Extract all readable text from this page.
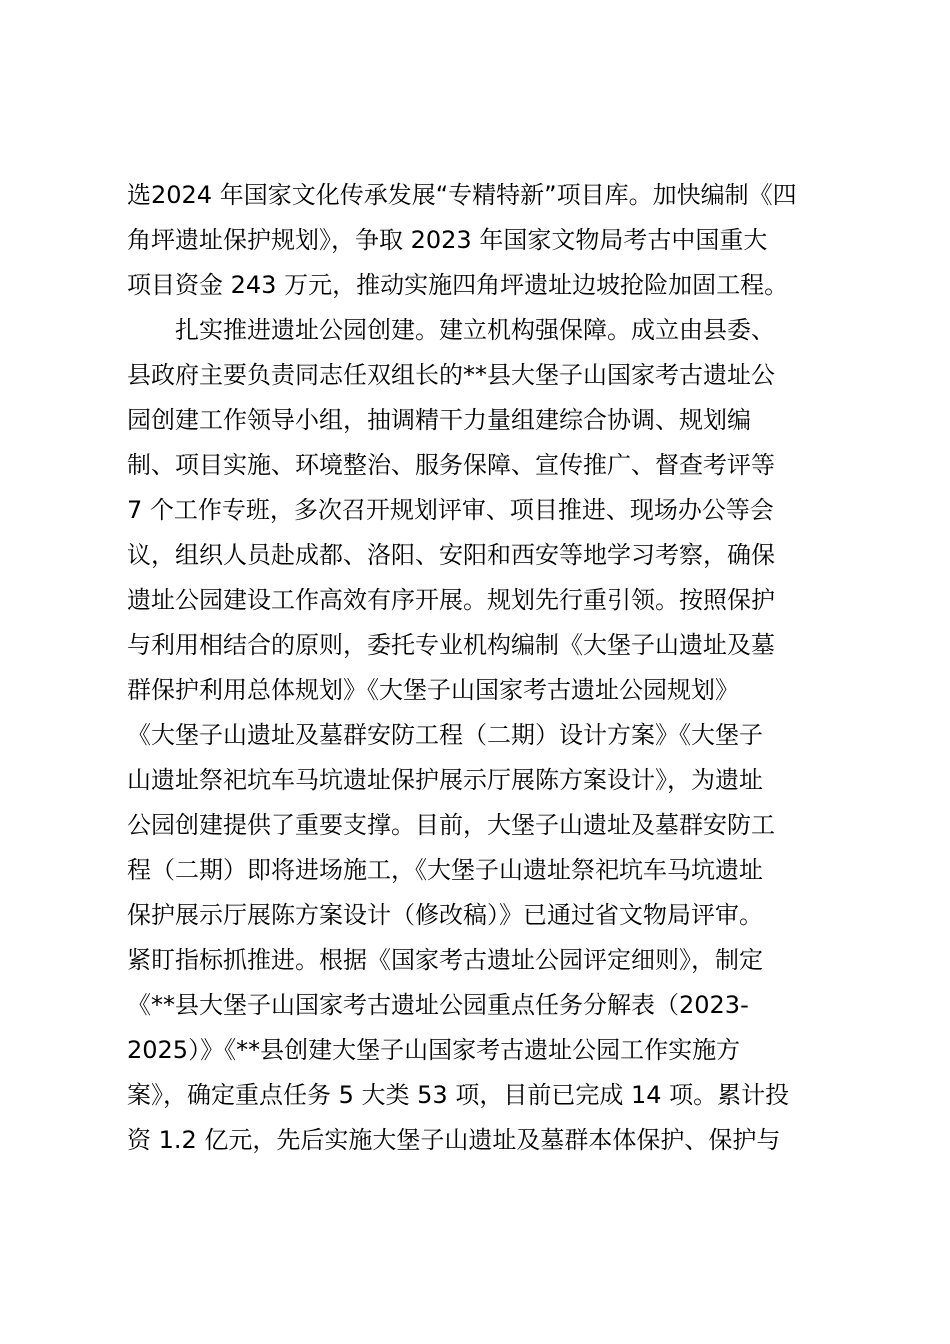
选2024 年国家文化传承发展“专精特新”项目库。加快编制《四
角坪遗址保护规划》，争取 2023 年国家文物局考古中国重大
项目资金 243 万元，推动实施四角坪遗址边坡抢险加固工程。
扎实推进遗址公园创建。建立机构强保障。成立由县委、
县政府主要负责同志任双组长的**县大堡子山国家考古遗址公
园创建工作领导小组，抽调精干力量组建综合协调、规划编
制、项目实施、环境整治、服务保障、宣传推广、督查考评等
7 个工作专班，多次召开规划评审、项目推进、现场办公等会
议，组织人员赴成都、洛阳、安阳和西安等地学习考察，确保
遗址公园建设工作高效有序开展。规划先行重引领。按照保护
与利用相结合的原则，委托专业机构编制《大堡子山遗址及墓
群保护利用总体规划》《大堡子山国家考古遗址公园规划》
《大堡子山遗址及墓群安防工程（二期）设计方案》《大堡子
山遗址祭祀坑车马坑遗址保护展示厅展陈方案设计》，为遗址
公园创建提供了重要支撑。目前，大堡子山遗址及墓群安防工
程（二期）即将进场施工，《大堡子山遗址祭祀坑车马坑遗址
保护展示厅展陈方案设计（修改稿）》已通过省文物局评审。
紧盯指标抓推进。根据《国家考古遗址公园评定细则》，制定
《**县大堡子山国家考古遗址公园重点任务分解表（2023-
2025）》《**县创建大堡子山国家考古遗址公园工作实施方
案》，确定重点任务 5 大类 53 项，目前已完成 14 项。累计投
资 1.2 亿元，先后实施大堡子山遗址及墓群本体保护、保护与
